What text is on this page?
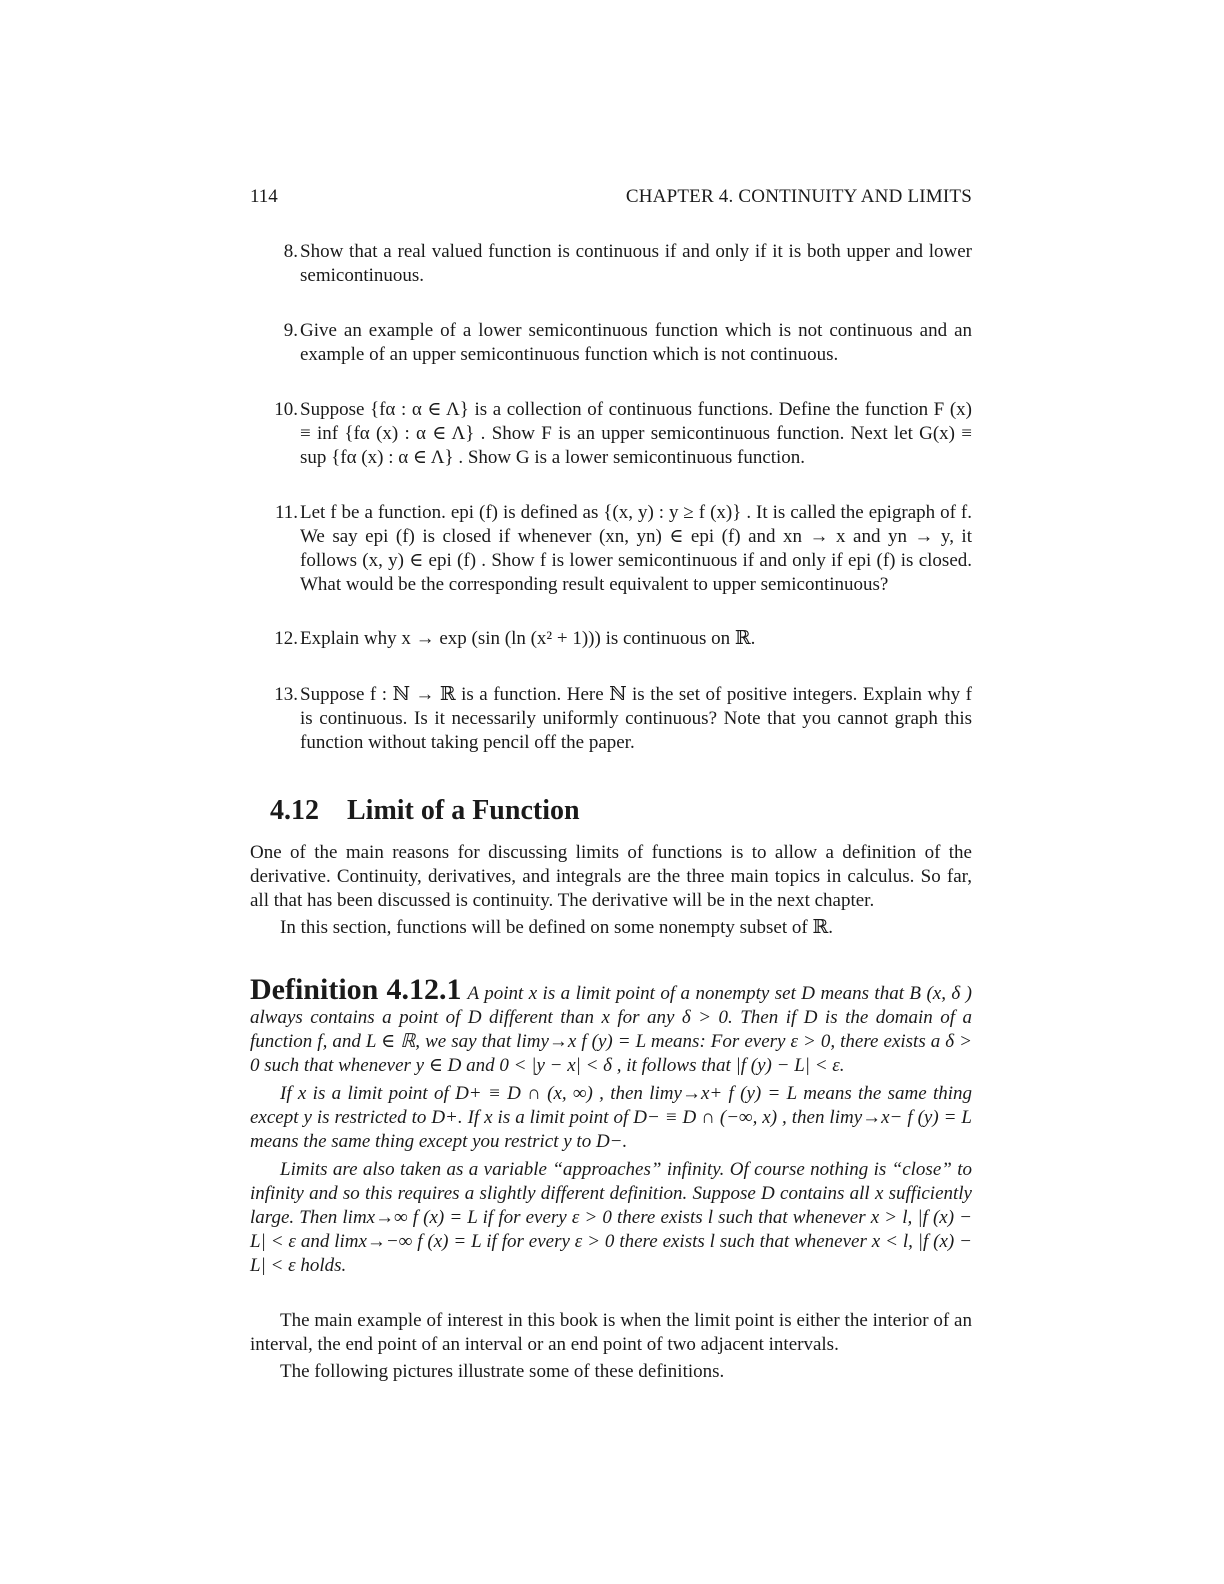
114	CHAPTER 4. CONTINUITY AND LIMITS
8. Show that a real valued function is continuous if and only if it is both upper and lower semicontinuous.
9. Give an example of a lower semicontinuous function which is not continuous and an example of an upper semicontinuous function which is not continuous.
10. Suppose {fα : α ∈ Λ} is a collection of continuous functions. Define the function F (x) ≡ inf {fα (x) : α ∈ Λ} . Show F is an upper semicontinuous function. Next let G(x) ≡ sup {fα (x) : α ∈ Λ} . Show G is a lower semicontinuous function.
11. Let f be a function. epi (f) is defined as {(x, y) : y ≥ f (x)} . It is called the epigraph of f. We say epi (f) is closed if whenever (xn, yn) ∈ epi (f) and xn → x and yn → y, it follows (x, y) ∈ epi (f) . Show f is lower semicontinuous if and only if epi (f) is closed. What would be the corresponding result equivalent to upper semicontinuous?
12. Explain why x → exp (sin (ln (x² + 1))) is continuous on ℝ.
13. Suppose f : ℕ → ℝ is a function. Here ℕ is the set of positive integers. Explain why f is continuous. Is it necessarily uniformly continuous? Note that you cannot graph this function without taking pencil off the paper.
4.12 Limit of a Function
One of the main reasons for discussing limits of functions is to allow a definition of the derivative. Continuity, derivatives, and integrals are the three main topics in calculus. So far, all that has been discussed is continuity. The derivative will be in the next chapter.
In this section, functions will be defined on some nonempty subset of ℝ.

Definition 4.12.1 A point x is a limit point of a nonempty set D means that B (x, δ ) always contains a point of D different than x for any δ > 0. Then if D is the domain of a function f, and L ∈ ℝ, we say that limy→x f (y) = L means: For every ε > 0, there exists a δ > 0 such that whenever y ∈ D and 0 < |y − x| < δ , it follows that |f (y) − L| < ε.

If x is a limit point of D+ ≡ D ∩ (x, ∞) , then limy→x+ f (y) = L means the same thing except y is restricted to D+. If x is a limit point of D− ≡ D ∩ (−∞, x) , then limy→x− f (y) = L means the same thing except you restrict y to D−.

Limits are also taken as a variable “approaches” infinity. Of course nothing is “close” to infinity and so this requires a slightly different definition. Suppose D contains all x sufficiently large. Then limx→∞ f (x) = L if for every ε > 0 there exists l such that whenever x > l, |f (x) − L| < ε and limx→−∞ f (x) = L if for every ε > 0 there exists l such that whenever x < l, |f (x) − L| < ε holds.

The main example of interest in this book is when the limit point is either the interior of an interval, the end point of an interval or an end point of two adjacent intervals.
The following pictures illustrate some of these definitions.
